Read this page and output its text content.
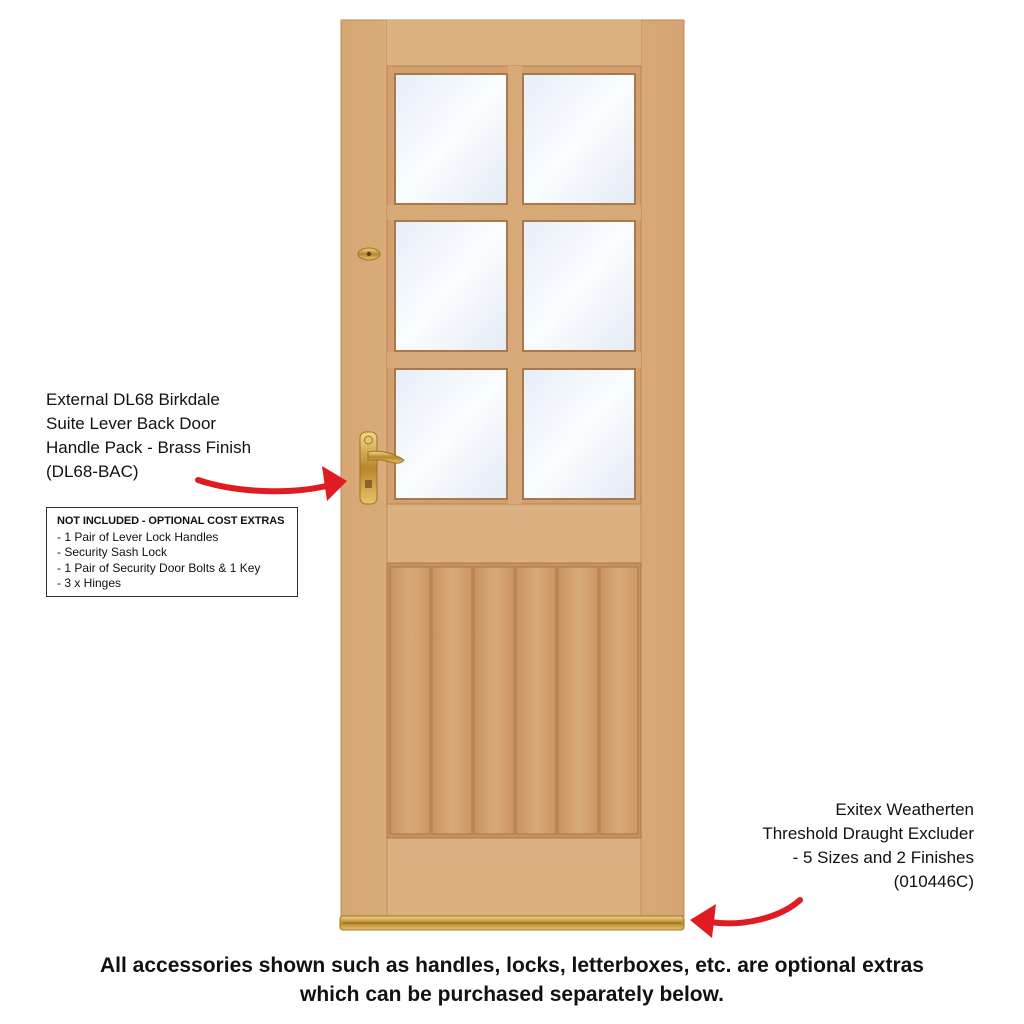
External DL68 Birkdale
Suite Lever Back Door
Handle Pack - Brass Finish
(DL68-BAC)
NOT INCLUDED - OPTIONAL COST EXTRAS
- 1 Pair of Lever Lock Handles
- Security Sash Lock
- 1 Pair of Security Door Bolts & 1 Key
- 3 x Hinges
Exitex Weatherten
Threshold Draught Excluder
- 5 Sizes and 2 Finishes
(010446C)
All accessories shown such as handles, locks, letterboxes, etc. are optional extras
which can be purchased separately below.
